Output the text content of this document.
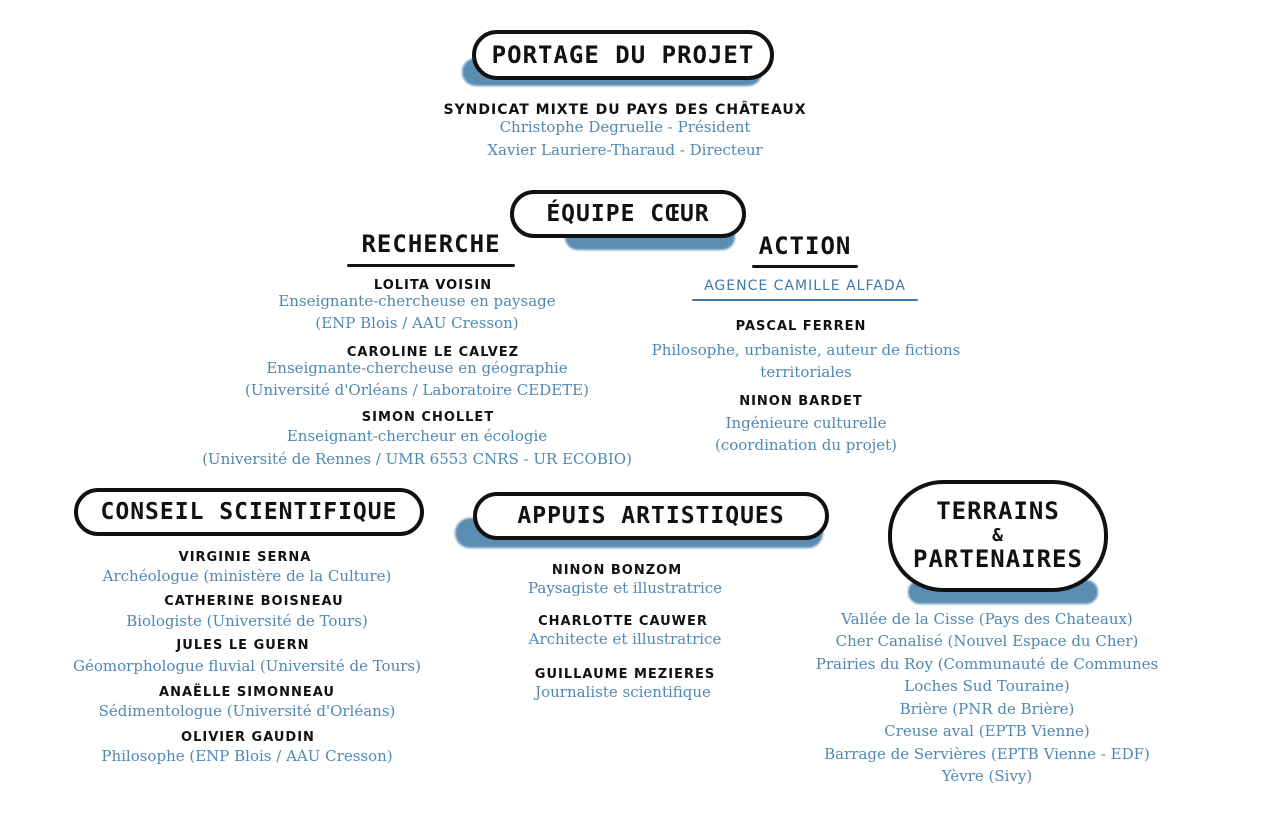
PORTAGE DU PROJET
SYNDICAT MIXTE DU PAYS DES CHÂTEAUX
Christophe Degruelle - Président
Xavier Lauriere-Tharaud - Directeur
ÉQUIPE CŒUR
RECHERCHE
LOLITA VOISIN
Enseignante-chercheuse en paysage
(ENP Blois / AAU Cresson)
CAROLINE LE CALVEZ
Enseignante-chercheuse en géographie
(Université d'Orléans / Laboratoire CEDETE)
SIMON CHOLLET
Enseignant-chercheur en écologie
(Université de Rennes / UMR 6553 CNRS - UR ECOBIO)
ACTION
AGENCE CAMILLE ALFADA
PASCAL FERREN
Philosophe, urbaniste, auteur de fictions
territoriales
NINON BARDET
Ingénieure culturelle
(coordination du projet)
CONSEIL SCIENTIFIQUE
VIRGINIE SERNA
Archéologue (ministère de la Culture)
CATHERINE BOISNEAU
Biologiste (Université de Tours)
JULES LE GUERN
Géomorphologue fluvial (Université de Tours)
ANAËLLE SIMONNEAU
Sédimentologue (Université d'Orléans)
OLIVIER GAUDIN
Philosophe (ENP Blois / AAU Cresson)
APPUIS ARTISTIQUES
NINON BONZOM
Paysagiste et illustratrice
CHARLOTTE CAUWER
Architecte et illustratrice
GUILLAUME MEZIERES
Journaliste scientifique
TERRAINS
&
PARTENAIRES
Vallée de la Cisse (Pays des Chateaux)
Cher Canalisé (Nouvel Espace du Cher)
Prairies du Roy (Communauté de Communes
Loches Sud Touraine)
Brière (PNR de Brière)
Creuse aval (EPTB Vienne)
Barrage de Servières (EPTB Vienne - EDF)
Yèvre (Sivy)
